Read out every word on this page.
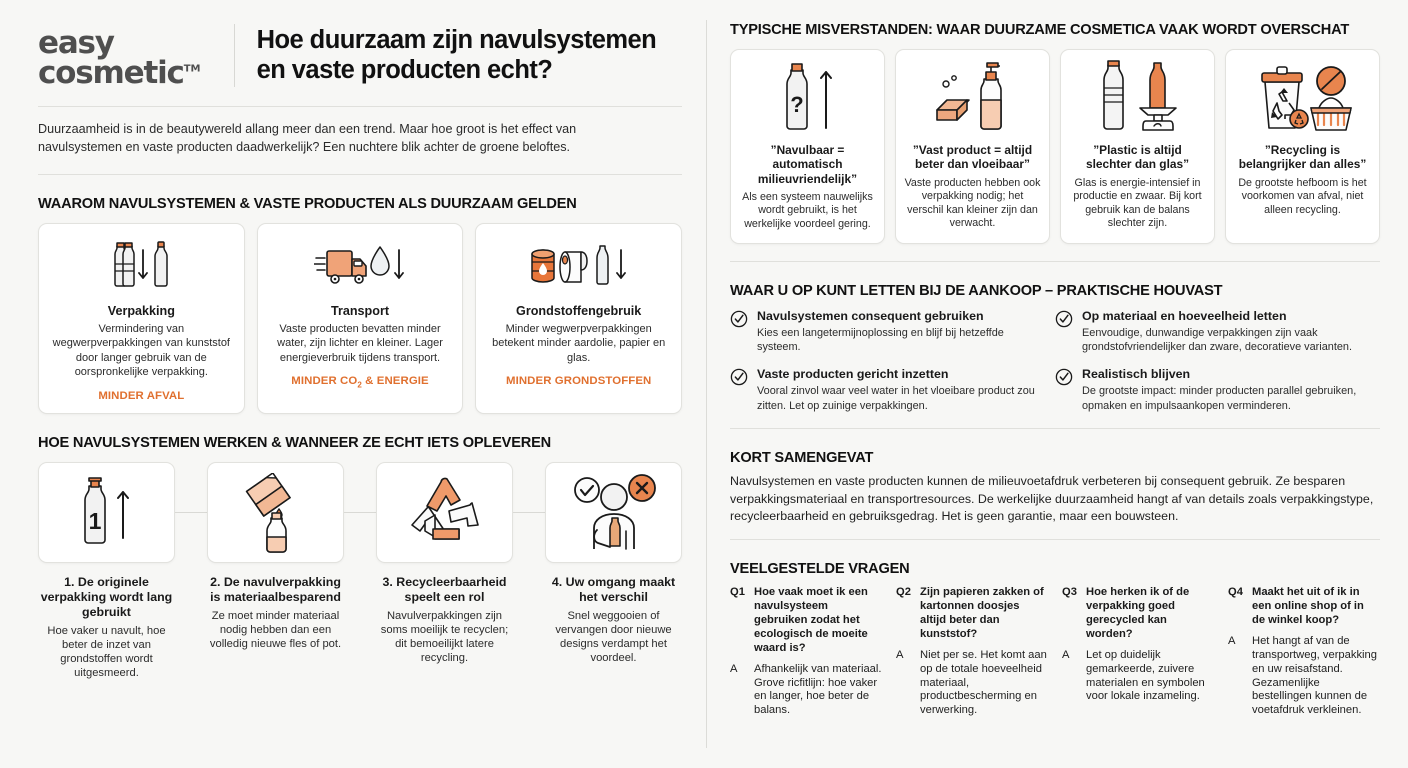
easy
cosmetic™
Hoe duurzaam zijn navulsystemen en vaste producten echt?
Duurzaamheid is in de beautywereld allang meer dan een trend. Maar hoe groot is het effect van navulsystemen en vaste producten daadwerkelijk? Een nuchtere blik achter de groene beloftes.
WAAROM NAVULSYSTEMEN & VASTE PRODUCTEN ALS DUURZAAM GELDEN
Verpakking

Vermindering van wegwerpverpakkingen van kunststof door langer gebruik van de oorspronkelijke verpakking.

MINDER AFVAL
Transport

Vaste producten bevatten minder water, zijn lichter en kleiner. Lager energieverbruik tijdens transport.

MINDER $CO_2$ & ENERGIE
Grondstoffengebruik

Minder wegwerpverpakkingen betekent minder aardolie, papier en glas.

MINDER GRONDSTOFFEN
HOE NAVULSYSTEMEN WERKEN & WANNEER ZE ECHT IETS OPLEVEREN
1
1. De originele verpakking wordt lang gebruikt

Hoe vaker u navult, hoe beter de inzet van grondstoffen wordt uitgesmeerd.

2. De navulverpakking is materiaalbesparend

Ze moet minder materiaal nodig hebben dan een volledig nieuwe fles of pot.

3. Recycleerbaarheid speelt een rol

Navulverpakkingen zijn soms moeilijk te recyclen; dit bemoeilijkt latere recycling.

4. Uw omgang maakt het verschil

Snel weggooien of vervangen door nieuwe designs verdampt het voordeel.

TYPISCHE MISVERSTANDEN: WAAR DUURZAME COSMETICA VAAK WORDT OVERSCHAT
?
”Navulbaar = automatisch milieuvriendelijk”

Als een systeem nauwelijks wordt gebruikt, is het werkelijke voordeel gering.

”Vast product = altijd beter dan vloeibaar”

Vaste producten hebben ook verpakking nodig; het verschil kan kleiner zijn dan verwacht.

”Plastic is altijd slechter dan glas”

Glas is energie-intensief in productie en zwaar. Bij kort gebruik kan de balans slechter zijn.

”Recycling is belangrijker dan alles”

De grootste hefboom is het voorkomen van afval, niet alleen recycling.

WAAR U OP KUNT LETTEN BIJ DE AANKOOP – PRAKTISCHE HOUVAST
Navulsystemen consequent gebruiken

Kies een langetermijnoplossing en blijf bij hetzeffde systeem.

Op materiaal en hoeveelheid letten

Eenvoudige, dunwandige verpakkingen zijn vaak grondstofvriendelijker dan zware, decoratieve varianten.

Vaste producten gericht inzetten

Vooral zinvol waar veel water in het vloeibare product zou zitten. Let op zuinige verpakkingen.

Realistisch blijven

De grootste impact: minder producten parallel gebruiken, opmaken en impulsaankopen verminderen.

KORT SAMENGEVAT

Navulsystemen en vaste producten kunnen de milieuvoetafdruk verbeteren bij consequent gebruik. Ze besparen verpakkingsmateriaal en transportresources. De werkelijke duurzaamheid hangt af van details zoals verpakkingstype, recycleerbaarheid en gebruiksgedrag. Het is geen garantie, maar een bouwsteen.

VEELGESTELDE VRAGEN
Q1 Hoe vaak moet ik een navulsysteem gebruiken zodat het ecologisch de moeite waard is?
A	Afhankelijk van materiaal. Grove ricfitlijn: hoe vaker en langer, hoe beter de balans.
Q2 Zijn papieren zakken of kartonnen doosjes altijd beter dan kunststof?
A	Niet per se. Het komt aan op de totale hoeveelheid materiaal, productbescherming en verwerking.
Q3 Hoe herken ik of de verpakking goed gerecycled kan worden?
A	Let op duidelijk gemarkeerde, zuivere materialen en symbolen voor lokale inzameling.
Q4 Maakt het uit of ik in een online shop of in de winkel koop?
A	Het hangt af van de transportweg, verpakking en uw reisafstand. Gezamenlijke bestellingen kunnen de voetafdruk verkleinen.
